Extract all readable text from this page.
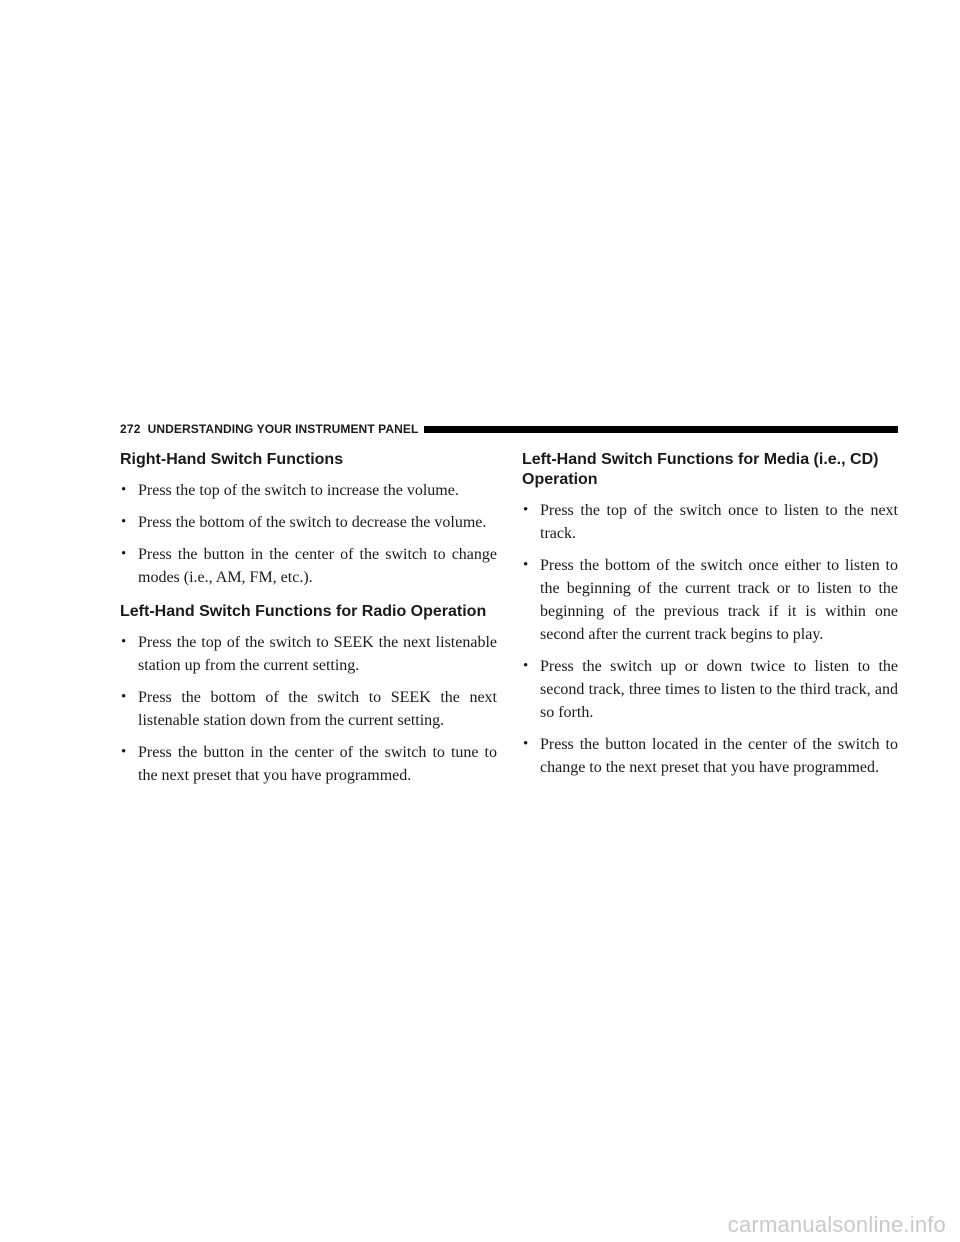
272 UNDERSTANDING YOUR INSTRUMENT PANEL
Right-Hand Switch Functions
• Press the top of the switch to increase the volume.
• Press the bottom of the switch to decrease the volume.
• Press the button in the center of the switch to change modes (i.e., AM, FM, etc.).
Left-Hand Switch Functions for Radio Operation
• Press the top of the switch to SEEK the next listenable station up from the current setting.
• Press the bottom of the switch to SEEK the next listenable station down from the current setting.
• Press the button in the center of the switch to tune to the next preset that you have programmed.
Left-Hand Switch Functions for Media (i.e., CD) Operation
• Press the top of the switch once to listen to the next track.
• Press the bottom of the switch once either to listen to the beginning of the current track or to listen to the beginning of the previous track if it is within one second after the current track begins to play.
• Press the switch up or down twice to listen to the second track, three times to listen to the third track, and so forth.
• Press the button located in the center of the switch to change to the next preset that you have programmed.
carmanualsonline.info
